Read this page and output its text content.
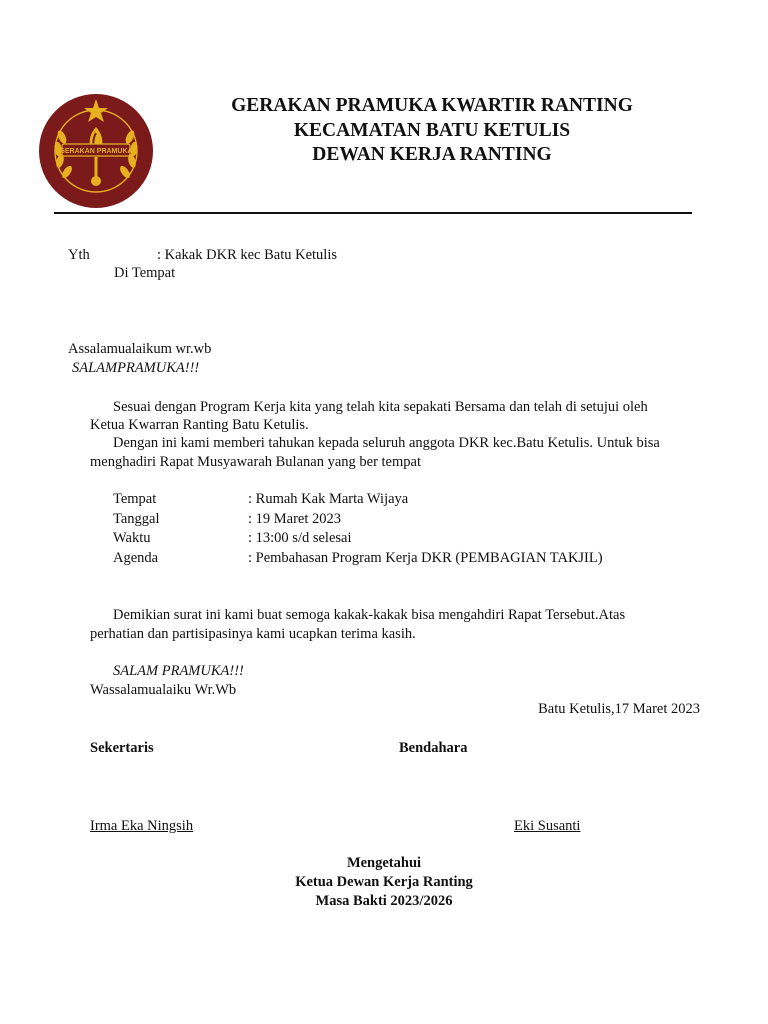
GERAKAN PRAMUKA
GERAKAN PRAMUKA KWARTIR RANTING
KECAMATAN BATU KETULIS
DEWAN KERJA RANTING
Yth	: Kakak DKR kec Batu Ketulis
Di Tempat
Assalamualaikum wr.wb
SALAMPRAMUKA!!!
Sesuai dengan Program Kerja kita yang telah kita sepakati Bersama dan telah di setujui oleh
Ketua Kwarran Ranting Batu Ketulis.
Dengan ini kami memberi tahukan kepada seluruh anggota DKR kec.Batu Ketulis. Untuk bisa
menghadiri Rapat Musyawarah Bulanan yang ber tempat
Tempat	: Rumah Kak Marta Wijaya
Tanggal	: 19 Maret 2023
Waktu	: 13:00 s/d selesai
Agenda	: Pembahasan Program Kerja DKR (PEMBAGIAN TAKJIL)
Demikian surat ini kami buat semoga kakak-kakak bisa mengahdiri Rapat Tersebut.Atas
perhatian dan partisipasinya kami ucapkan terima kasih.
SALAM PRAMUKA!!!
Wassalamualaiku Wr.Wb
Batu Ketulis,17 Maret 2023
Sekertaris	Bendahara
Irma Eka Ningsih	Eki Susanti
Mengetahui
Ketua Dewan Kerja Ranting
Masa Bakti 2023/2026
